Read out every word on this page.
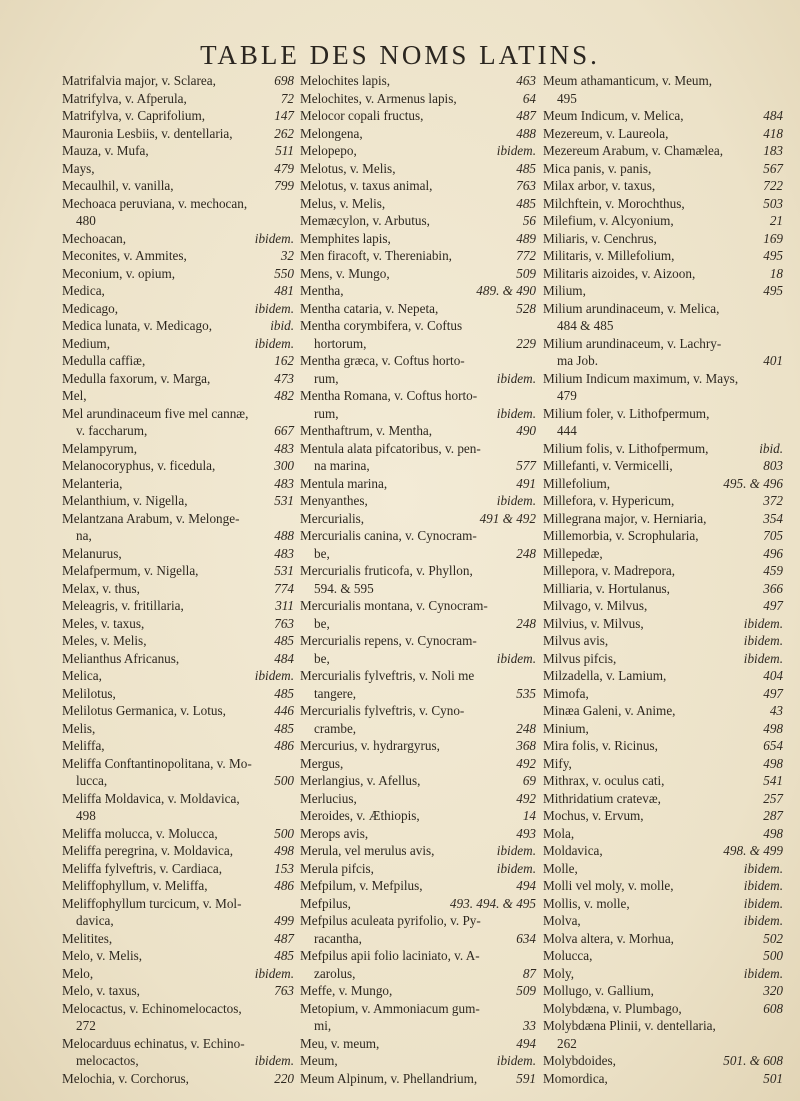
TABLE DES NOMS LATINS.
698
Matrifalvia major, v. Sclarea,
72
Matrifylva, v. Afperula,
147
Matrifylva, v. Caprifolium,
262
Mauronia Lesbiis, v. dentellaria,
511
Mauza, v. Mufa,
479
Mays,
799
Mecaulhil, v. vanilla,
Mechoaca peruviana, v. mechocan,
480
ibidem.
Mechoacan,
32
Meconites, v. Ammites,
550
Meconium, v. opium,
481
Medica,
ibidem.
Medicago,
ibid.
Medica lunata, v. Medicago,
ibidem.
Medium,
162
Medulla caffiæ,
473
Medulla faxorum, v. Marga,
482
Mel,
Mel arundinaceum five mel cannæ,
667
v. faccharum,
483
Melampyrum,
300
Melanocoryphus, v. ficedula,
483
Melanteria,
531
Melanthium, v. Nigella,
Melantzana Arabum, v. Melonge-
488
na,
483
Melanurus,
531
Melafpermum, v. Nigella,
774
Melax, v. thus,
311
Meleagris, v. fritillaria,
763
Meles, v. taxus,
485
Meles, v. Melis,
484
Melianthus Africanus,
ibidem.
Melica,
485
Melilotus,
446
Melilotus Germanica, v. Lotus,
485
Melis,
486
Meliffa,
Meliffa Conftantinopolitana, v. Mo-
500
lucca,
Meliffa Moldavica, v. Moldavica,
498
500
Meliffa molucca, v. Molucca,
498
Meliffa peregrina, v. Moldavica,
153
Meliffa fylveftris, v. Cardiaca,
486
Meliffophyllum, v. Meliffa,
Meliffophyllum turcicum, v. Mol-
499
davica,
487
Melitites,
485
Melo, v. Melis,
ibidem.
Melo,
763
Melo, v. taxus,
Melocactus, v. Echinomelocactos,
272
Melocarduus echinatus, v. Echino-
ibidem.
melocactos,
220
Melochia, v. Corchorus,
463
Melochites lapis,
64
Melochites, v. Armenus lapis,
487
Melocor copali fructus,
488
Melongena,
ibidem.
Melopepo,
485
Melotus, v. Melis,
763
Melotus, v. taxus animal,
485
Melus, v. Melis,
56
Memæcylon, v. Arbutus,
489
Memphites lapis,
772
Men firacoft, v. Thereniabin,
509
Mens, v. Mungo,
489. & 490
Mentha,
528
Mentha cataria, v. Nepeta,
Mentha corymbifera, v. Coftus
229
hortorum,
Mentha græca, v. Coftus horto-
ibidem.
rum,
Mentha Romana, v. Coftus horto-
ibidem.
rum,
490
Menthaftrum, v. Mentha,
Mentula alata pifcatoribus, v. pen-
577
na marina,
491
Mentula marina,
ibidem.
Menyanthes,
491 & 492
Mercurialis,
Mercurialis canina, v. Cynocram-
248
be,
Mercurialis fruticofa, v. Phyllon,
594. & 595
Mercurialis montana, v. Cynocram-
248
be,
Mercurialis repens, v. Cynocram-
ibidem.
be,
Mercurialis fylveftris, v. Noli me
535
tangere,
Mercurialis fylveftris, v. Cyno-
248
crambe,
368
Mercurius, v. hydrargyrus,
492
Mergus,
69
Merlangius, v. Afellus,
492
Merlucius,
14
Meroides, v. Æthiopis,
493
Merops avis,
ibidem.
Merula, vel merulus avis,
ibidem.
Merula pifcis,
494
Mefpilum, v. Mefpilus,
493. 494. & 495
Mefpilus,
Mefpilus aculeata pyrifolio, v. Py-
634
racantha,
Mefpilus apii folio laciniato, v. A-
87
zarolus,
509
Meffe, v. Mungo,
Metopium, v. Ammoniacum gum-
33
mi,
494
Meu, v. meum,
ibidem.
Meum,
591
Meum Alpinum, v. Phellandrium,
Meum athamanticum, v. Meum,
495
484
Meum Indicum, v. Melica,
418
Mezereum, v. Laureola,
183
Mezereum Arabum, v. Chamælea,
567
Mica panis, v. panis,
722
Milax arbor, v. taxus,
503
Milchftein, v. Morochthus,
21
Milefium, v. Alcyonium,
169
Miliaris, v. Cenchrus,
495
Militaris, v. Millefolium,
18
Militaris aizoides, v. Aizoon,
495
Milium,
Milium arundinaceum, v. Melica,
484 & 485
Milium arundinaceum, v. Lachry-
401
ma Job.
Milium Indicum maximum, v. Mays,
479
Milium foler, v. Lithofpermum,
444
ibid.
Milium folis, v. Lithofpermum,
803
Millefanti, v. Vermicelli,
495. & 496
Millefolium,
372
Millefora, v. Hypericum,
354
Millegrana major, v. Herniaria,
705
Millemorbia, v. Scrophularia,
496
Millepedæ,
459
Millepora, v. Madrepora,
366
Milliaria, v. Hortulanus,
497
Milvago, v. Milvus,
ibidem.
Milvius, v. Milvus,
ibidem.
Milvus avis,
ibidem.
Milvus pifcis,
404
Milzadella, v. Lamium,
497
Mimofa,
43
Minæa Galeni, v. Anime,
498
Minium,
654
Mira folis, v. Ricinus,
498
Mify,
541
Mithrax, v. oculus cati,
257
Mithridatium cratevæ,
287
Mochus, v. Ervum,
498
Mola,
498. & 499
Moldavica,
ibidem.
Molle,
ibidem.
Molli vel moly, v. molle,
ibidem.
Mollis, v. molle,
ibidem.
Molva,
502
Molva altera, v. Morhua,
500
Molucca,
ibidem.
Moly,
320
Mollugo, v. Gallium,
608
Molybdæna, v. Plumbago,
Molybdæna Plinii, v. dentellaria,
262
501. & 608
Molybdoides,
501
Momordica,
